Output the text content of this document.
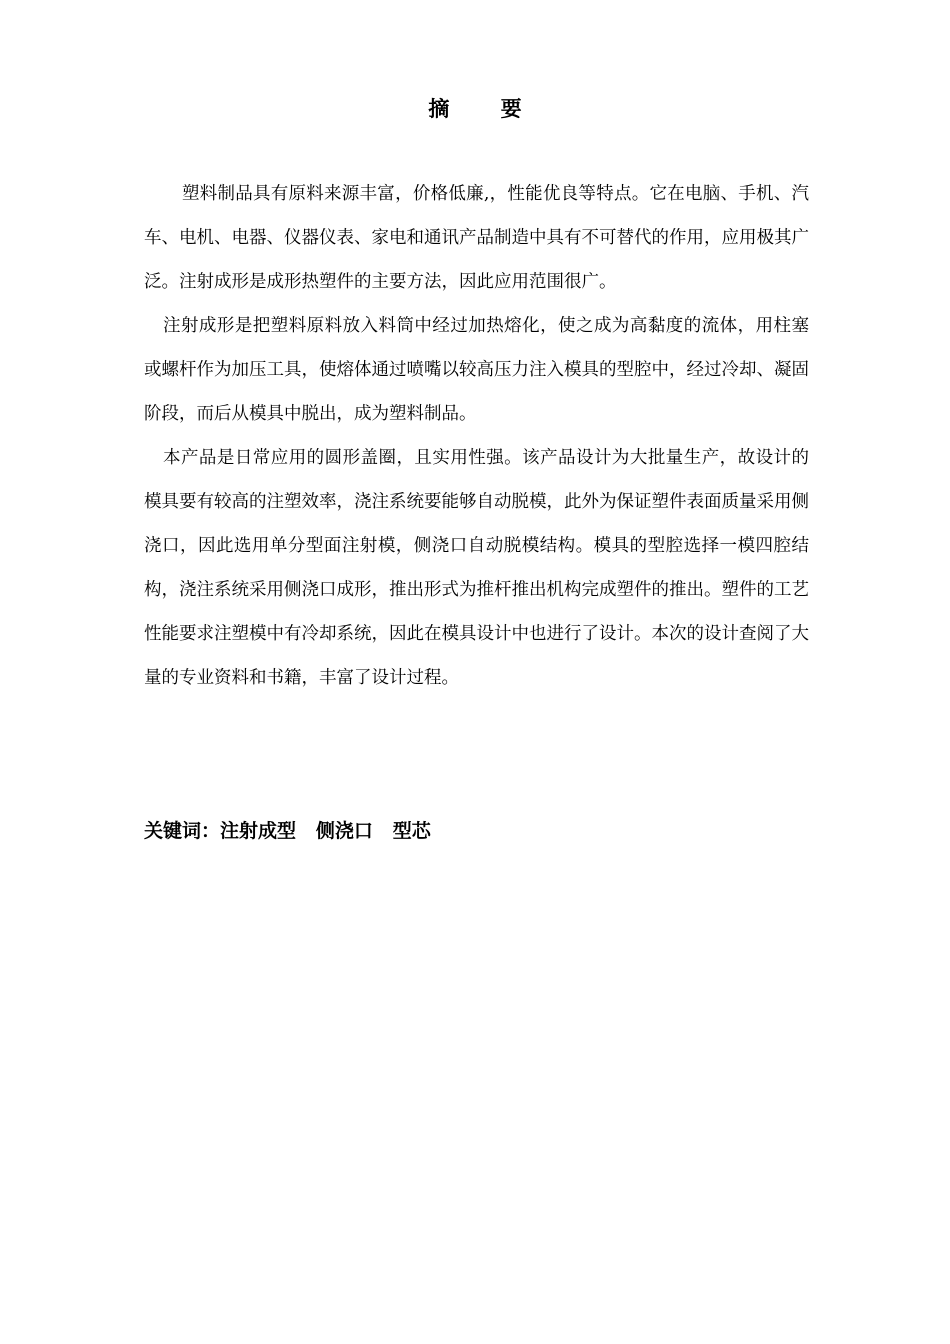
摘 要

塑料制品具有原料来源丰富，价格低廉,，性能优良等特点。它在电脑、手机、汽车、电机、电器、仪器仪表、家电和通讯产品制造中具有不可替代的作用，应用极其广泛。注射成形是成形热塑件的主要方法，因此应用范围很广。

注射成形是把塑料原料放入料筒中经过加热熔化，使之成为高黏度的流体，用柱塞或螺杆作为加压工具，使熔体通过喷嘴以较高压力注入模具的型腔中，经过冷却、凝固阶段，而后从模具中脱出，成为塑料制品。

本产品是日常应用的圆形盖圈，且实用性强。该产品设计为大批量生产，故设计的模具要有较高的注塑效率，浇注系统要能够自动脱模，此外为保证塑件表面质量采用侧浇口，因此选用单分型面注射模，侧浇口自动脱模结构。模具的型腔选择一模四腔结构，浇注系统采用侧浇口成形，推出形式为推杆推出机构完成塑件的推出。塑件的工艺性能要求注塑模中有冷却系统，因此在模具设计中也进行了设计。本次的设计查阅了大量的专业资料和书籍，丰富了设计过程。

关键词：注射成型   侧浇口   型芯
